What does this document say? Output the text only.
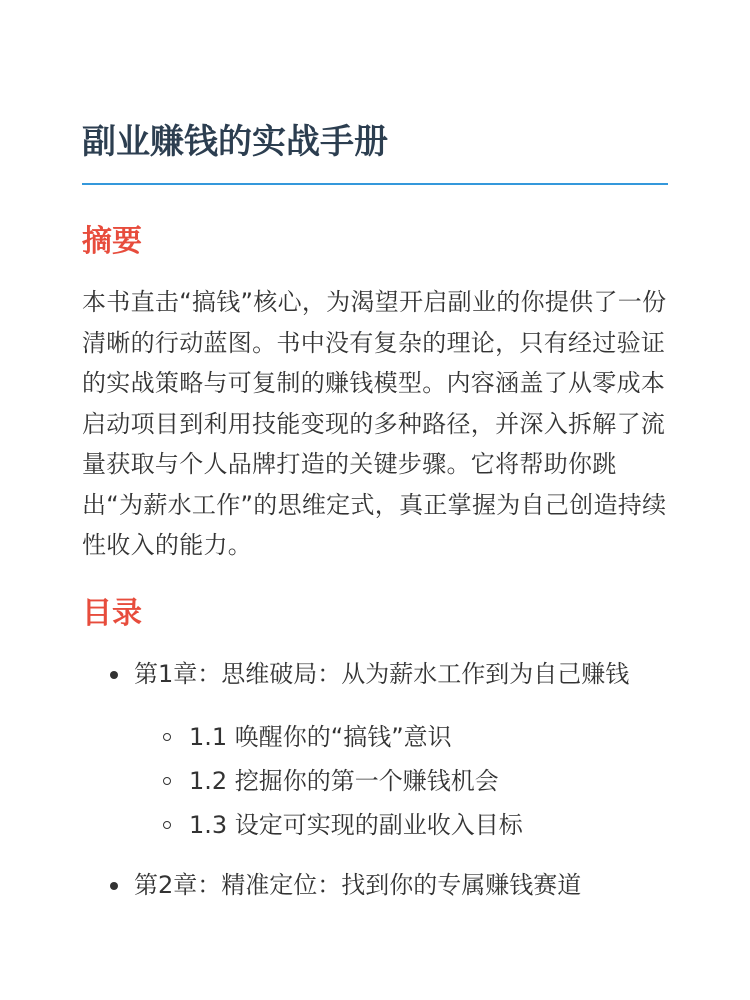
副业赚钱的实战手册
摘要

本书直击“搞钱”核心，为渴望开启副业的你提供了一份清晰的行动蓝图。书中没有复杂的理论，只有经过验证的实战策略与可复制的赚钱模型。内容涵盖了从零成本启动项目到利用技能变现的多种路径，并深入拆解了流量获取与个人品牌打造的关键步骤。它将帮助你跳出“为薪水工作”的思维定式，真正掌握为自己创造持续性收入的能力。

目录
第1章：思维破局：从为薪水工作到为自己赚钱
1.1 唤醒你的“搞钱”意识
1.2 挖掘你的第一个赚钱机会
1.3 设定可实现的副业收入目标
第2章：精准定位：找到你的专属赚钱赛道
